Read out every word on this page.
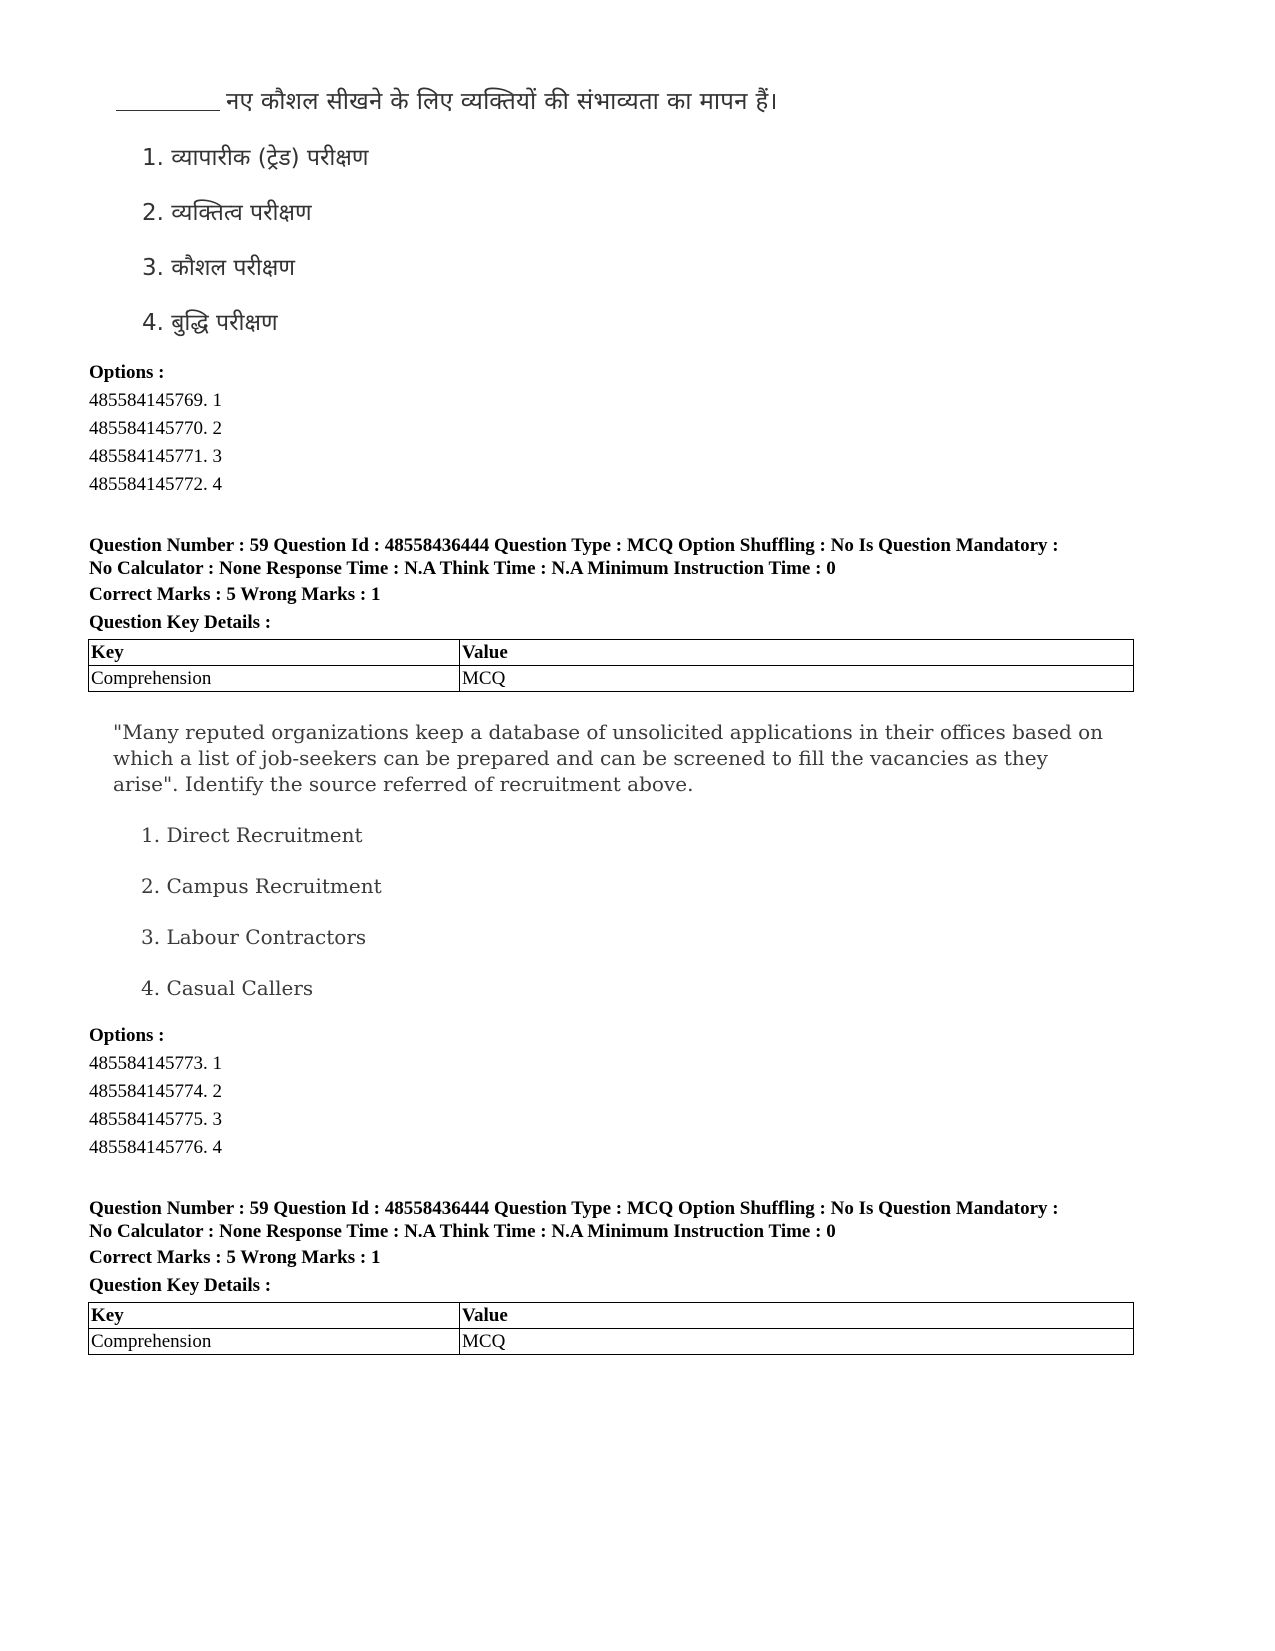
नए कौशल सीखने के लिए व्यक्तियों की संभाव्यता का मापन हैं।
1. व्यापारीक (ट्रेड) परीक्षण
2. व्यक्तित्व परीक्षण
3. कौशल परीक्षण
4. बुद्धि परीक्षण
Options :
485584145769. 1
485584145770. 2
485584145771. 3
485584145772. 4
Question Number : 59 Question Id : 48558436444 Question Type : MCQ Option Shuffling : No Is Question Mandatory :
No Calculator : None Response Time : N.A Think Time : N.A Minimum Instruction Time : 0
Correct Marks : 5 Wrong Marks : 1
Question Key Details :
Key	Value
Comprehension	MCQ
"Many reputed organizations keep a database of unsolicited applications in their offices based on which a list of job-seekers can be prepared and can be screened to fill the vacancies as they arise". Identify the source referred of recruitment above.
1. Direct Recruitment
2. Campus Recruitment
3. Labour Contractors
4. Casual Callers
Options :
485584145773. 1
485584145774. 2
485584145775. 3
485584145776. 4
Question Number : 59 Question Id : 48558436444 Question Type : MCQ Option Shuffling : No Is Question Mandatory :
No Calculator : None Response Time : N.A Think Time : N.A Minimum Instruction Time : 0
Correct Marks : 5 Wrong Marks : 1
Question Key Details :
Key	Value
Comprehension	MCQ
